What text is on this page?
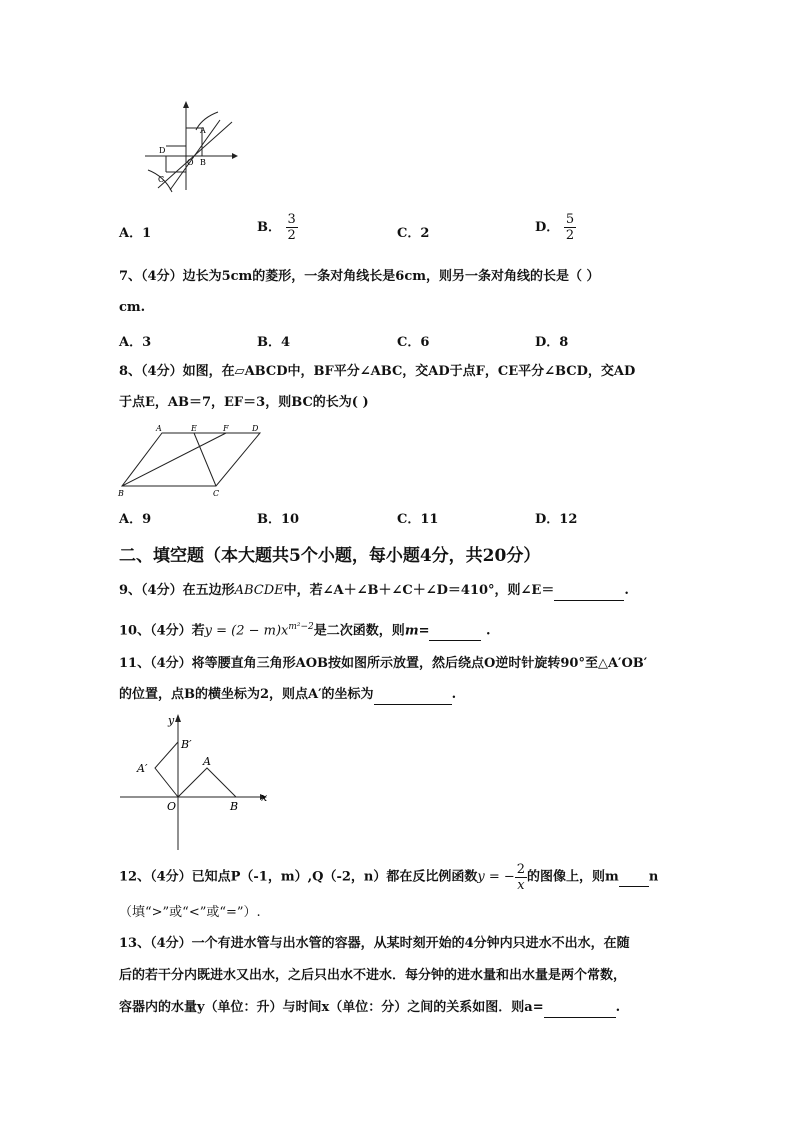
A
D
O B
C
A．1	B． $\frac{3}{2}$	C．2	D． $\frac{5}{2}$
7、（4分）边长为5cm的菱形，一条对角线长是6cm，则另一条对角线的长是（ ）
cm.
A．3	B．4	C．6	D．8
8、（4分）如图，在▱ABCD中，BF平分∠ABC，交AD于点F，CE平分∠BCD，交AD
于点E，AB＝7，EF＝3，则BC的长为( )
A	E	F	D
B	C
A．9	B．10	C．11	D．12
二、填空题（本大题共5个小题，每小题4分，共20分）
9、（4分）在五边形ABCDE中，若∠A＋∠B＋∠C＋∠D＝410°，则∠E＝	.
10、（4分）若$y = (2 - m)x^{m^2-2}$是二次函数，则m=	.
11、（4分）将等腰直角三角形AOB按如图所示放置，然后绕点O逆时针旋转90°至△A′OB′
的位置，点B的横坐标为2，则点A′的坐标为	.
y
B′
A′
A
O	B
x
12、（4分）已知点P（-1，m）,Q（-2，n）都在反比例函数y = − $\frac{2}{x}$ 的图像上，则m n
（填“>”或“<”或“=”）.
13、（4分）一个有进水管与出水管的容器，从某时刻开始的4分钟内只进水不出水，在随
后的若干分内既进水又出水，之后只出水不进水．每分钟的进水量和出水量是两个常数，
容器内的水量y（单位：升）与时间x（单位：分）之间的关系如图．则a=	.
